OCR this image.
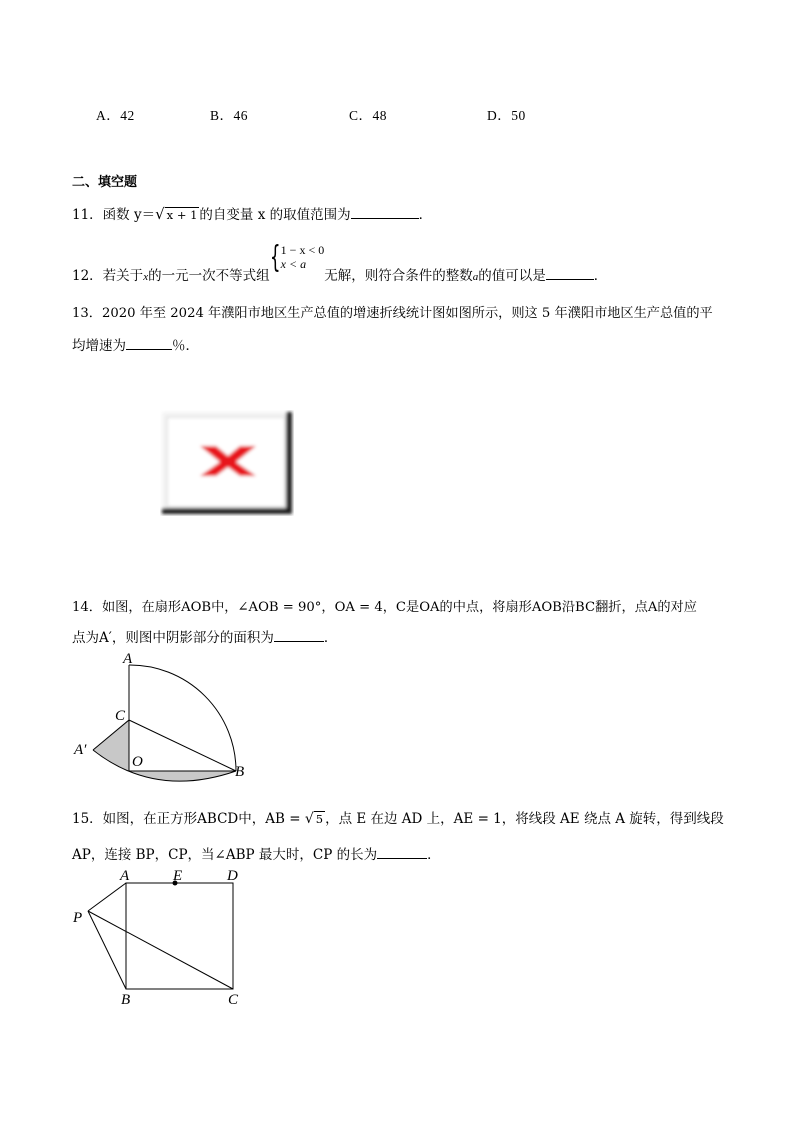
A．42	B．46	C．48	D．50
二、填空题
11．函数 y＝√ x + 1 的自变量 x 的取值范围为	．
12．若关于$_x$的一元一次不等式组{ 1 − x < 0
x < a
无解，则符合条件的整数$_a$的值可以是	．
13．2020 年至 2024 年濮阳市地区生产总值的增速折线统计图如图所示，则这 5 年濮阳市地区生产总值的平
均增速为	％．
14．如图，在扇形AOB中，∠AOB = 90°，OA = 4，C是OA的中点，将扇形AOB沿BC翻折，点A的对应
点为A′，则图中阴影部分的面积为	．
A
C
A′
O
B
15．如图，在正方形ABCD中，AB = √ 5 ，点 E 在边 AD 上，AE = 1，将线段 AE 绕点 A 旋转，得到线段
AP，连接 BP，CP，当∠ABP 最大时，CP 的长为	．
A	E	D
P
B	C
